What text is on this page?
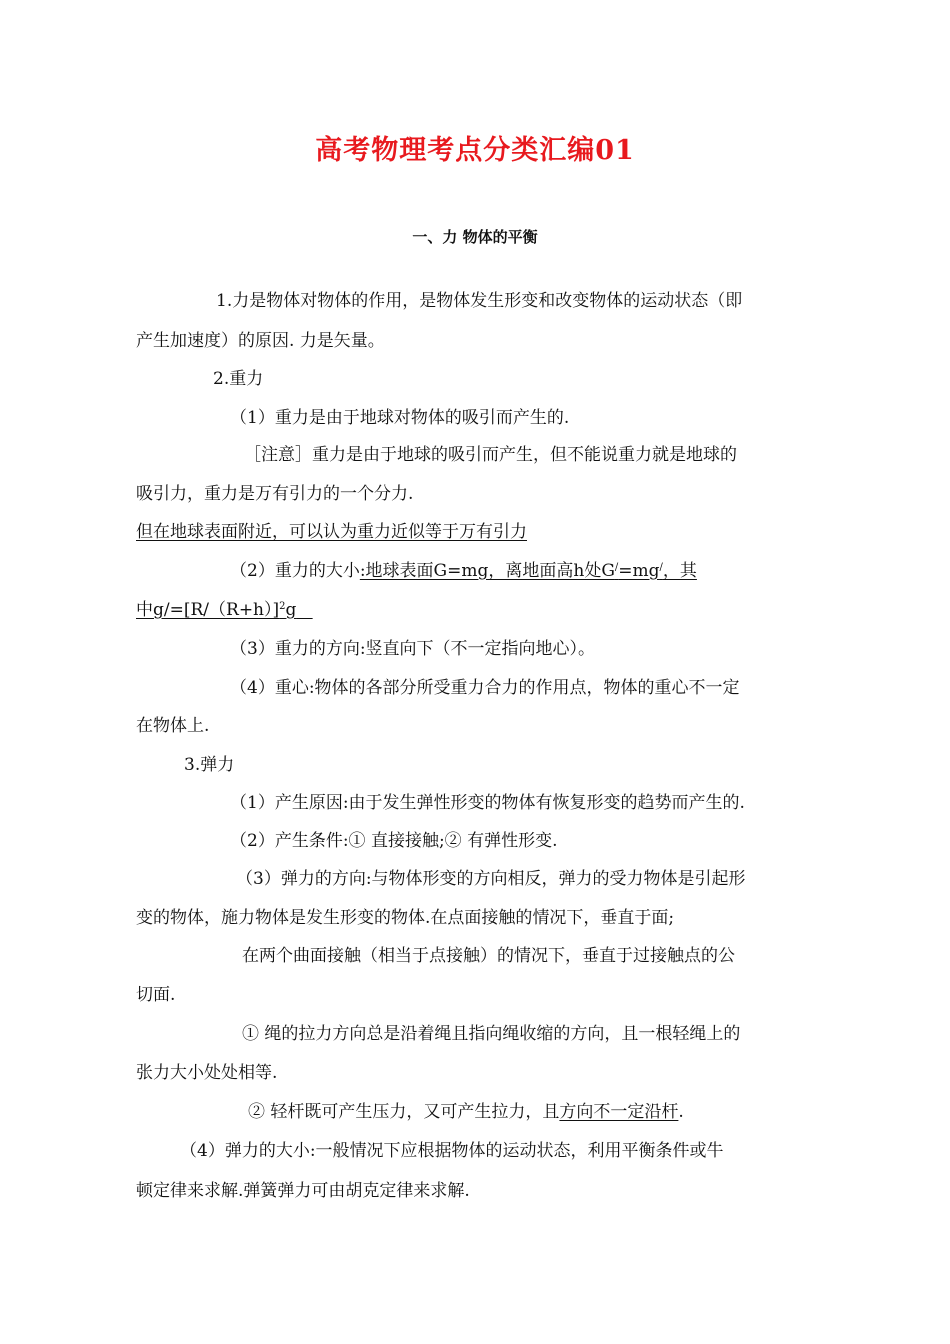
高考物理考点分类汇编01
一、力 物体的平衡
1.力是物体对物体的作用，是物体发生形变和改变物体的运动状态（即
产生加速度）的原因. 力是矢量。
2.重力
（1）重力是由于地球对物体的吸引而产生的.
［注意］重力是由于地球的吸引而产生，但不能说重力就是地球的
吸引力，重力是万有引力的一个分力.
但在地球表面附近，可以认为重力近似等于万有引力
（2）重力的大小:地球表面G=mg，离地面高h处G/=mg/，其
中$g/=[R/(R+h)]^2g$
（3）重力的方向:竖直向下（不一定指向地心）。
（4）重心:物体的各部分所受重力合力的作用点，物体的重心不一定
在物体上.
3.弹力
（1）产生原因:由于发生弹性形变的物体有恢复形变的趋势而产生的.
（2）产生条件:① 直接接触;② 有弹性形变.
（3）弹力的方向:与物体形变的方向相反，弹力的受力物体是引起形
变的物体，施力物体是发生形变的物体.在点面接触的情况下，垂直于面;
在两个曲面接触（相当于点接触）的情况下，垂直于过接触点的公
切面.
① 绳的拉力方向总是沿着绳且指向绳收缩的方向，且一根轻绳上的
张力大小处处相等.
② 轻杆既可产生压力，又可产生拉力，且方向不一定沿杆.
（4）弹力的大小:一般情况下应根据物体的运动状态，利用平衡条件或牛
顿定律来求解.弹簧弹力可由胡克定律来求解.
